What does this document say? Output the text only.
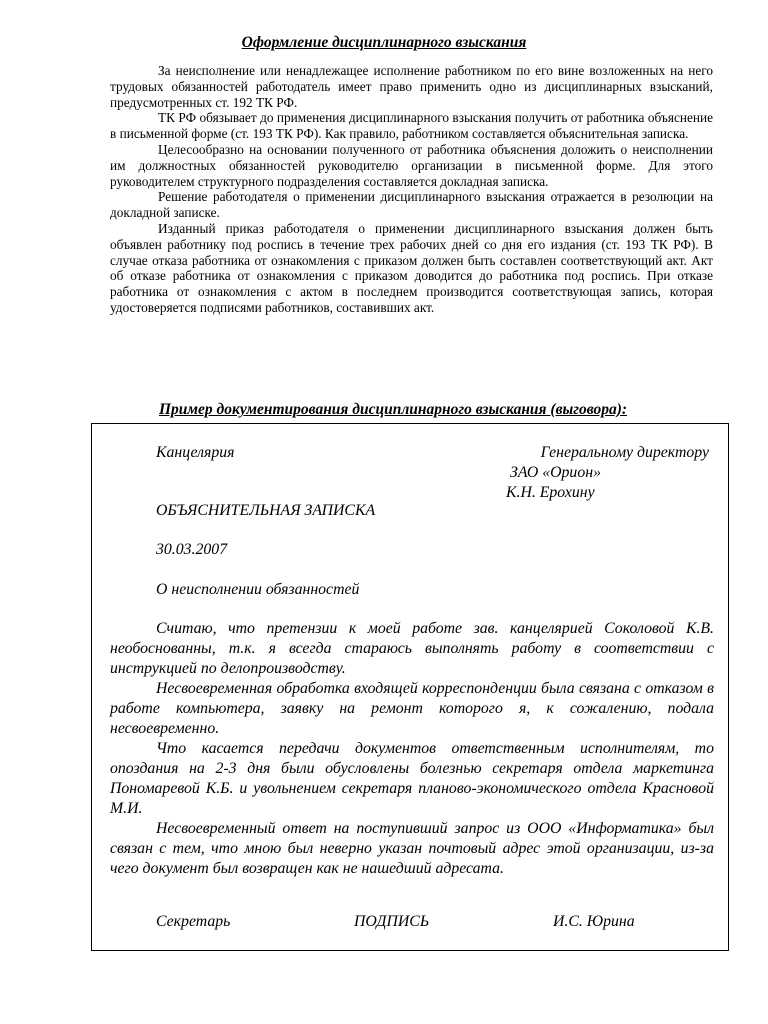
Оформление дисциплинарного взыскания

За неисполнение или ненадлежащее исполнение работником по его вине возложенных на него трудовых обязанностей работодатель имеет право применить одно из дисциплинарных взысканий, предусмотренных ст. 192 ТК РФ.

ТК РФ обязывает до применения дисциплинарного взыскания получить от работника объяснение в письменной форме (ст. 193 ТК РФ). Как правило, работником составляется объяснительная записка.

Целесообразно на основании полученного от работника объяснения доложить о неисполнении им должностных обязанностей руководителю организации в письменной форме. Для этого руководителем структурного подразделения составляется докладная записка.

Решение работодателя о применении дисциплинарного взыскания отражается в резолюции на докладной записке.

Изданный приказ работодателя о применении дисциплинарного взыскания должен быть объявлен работнику под роспись в течение трех рабочих дней со дня его издания (ст. 193 ТК РФ). В случае отказа работника от ознакомления с приказом должен быть составлен соответствующий акт. Акт об отказе работника от ознакомления с приказом доводится до работника под роспись. При отказе работника от ознакомления с актом в последнем производится соответствующая запись, которая удостоверяется подписями работников, составивших акт.

Пример документирования дисциплинарного взыскания (выговора):
Канцелярия	Генеральному директору
ЗАО «Орион»
К.Н. Ерохину
ОБЪЯСНИТЕЛЬНАЯ ЗАПИСКА
30.03.2007
О неисполнении обязанностей

Считаю, что претензии к моей работе зав. канцелярией Соколовой К.В. необоснованны, т.к. я всегда стараюсь выполнять работу в соответствии с инструкцией по делопроизводству.

Несвоевременная обработка входящей корреспонденции была связана с отказом в работе компьютера, заявку на ремонт которого я, к сожалению, подала несвоевременно.

Что касается передачи документов ответственным исполнителям, то опоздания на 2-3 дня были обусловлены болезнью секретаря отдела маркетинга Пономаревой К.Б. и увольнением секретаря планово-экономического отдела Красновой М.И.

Несвоевременный ответ на поступивший запрос из ООО «Информатика» был связан с тем, что мною был неверно указан почтовый адрес этой организации, из-за чего документ был возвращен как не нашедший адресата.

Секретарь	ПОДПИСЬ	И.С. Юрина
